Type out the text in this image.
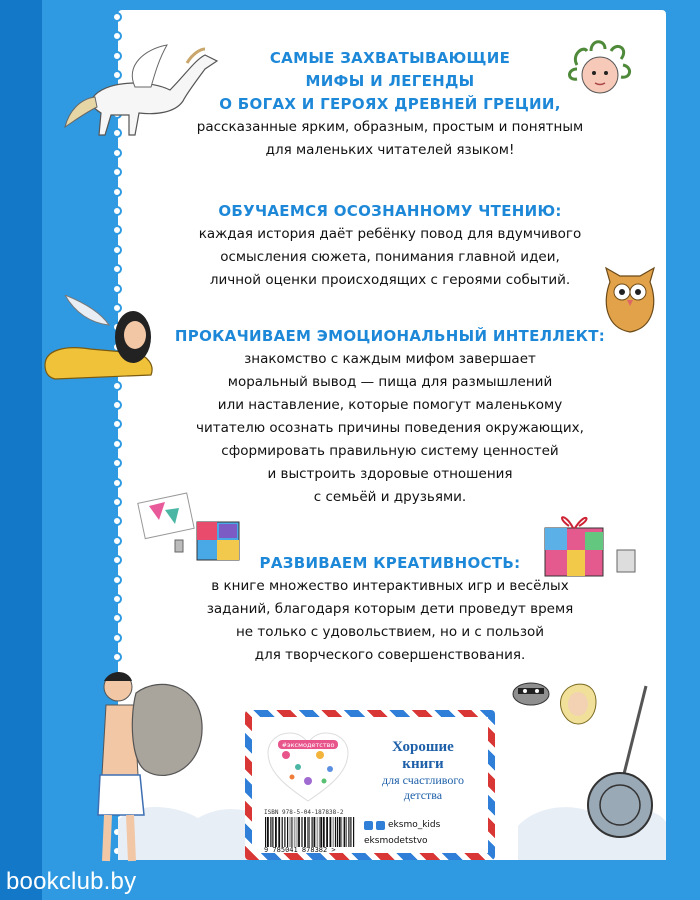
САМЫЕ ЗАХВАТЫВАЮЩИЕ
МИФЫ И ЛЕГЕНДЫ
О БОГАХ И ГЕРОЯХ ДРЕВНЕЙ ГРЕЦИИ,
рассказанные ярким, образным, простым и понятным
для маленьких читателей языком!
ОБУЧАЕМСЯ ОСОЗНАННОМУ ЧТЕНИЮ:
каждая история даёт ребёнку повод для вдумчивого
осмысления сюжета, понимания главной идеи,
личной оценки происходящих с героями событий.
ПРОКАЧИВАЕМ ЭМОЦИОНАЛЬНЫЙ ИНТЕЛЛЕКТ:
знакомство с каждым мифом завершает
моральный вывод — пища для размышлений
или наставление, которые помогут маленькому
читателю осознать причины поведения окружающих,
сформировать правильную систему ценностей
и выстроить здоровые отношения
с семьёй и друзьями.
РАЗВИВАЕМ КРЕАТИВНОСТЬ:
в книге множество интерактивных игр и весёлых
заданий, благодаря которым дети проведут время
не только с удовольствием, но и с пользой
для творческого совершенствования.
#эксмодетство	Хорошие
книги
для счастливого
детства
ISBN 978-5-04-187838-2
9 785041 878382 >
eksmo_kids
eksmodetstvo
bookclub.by
